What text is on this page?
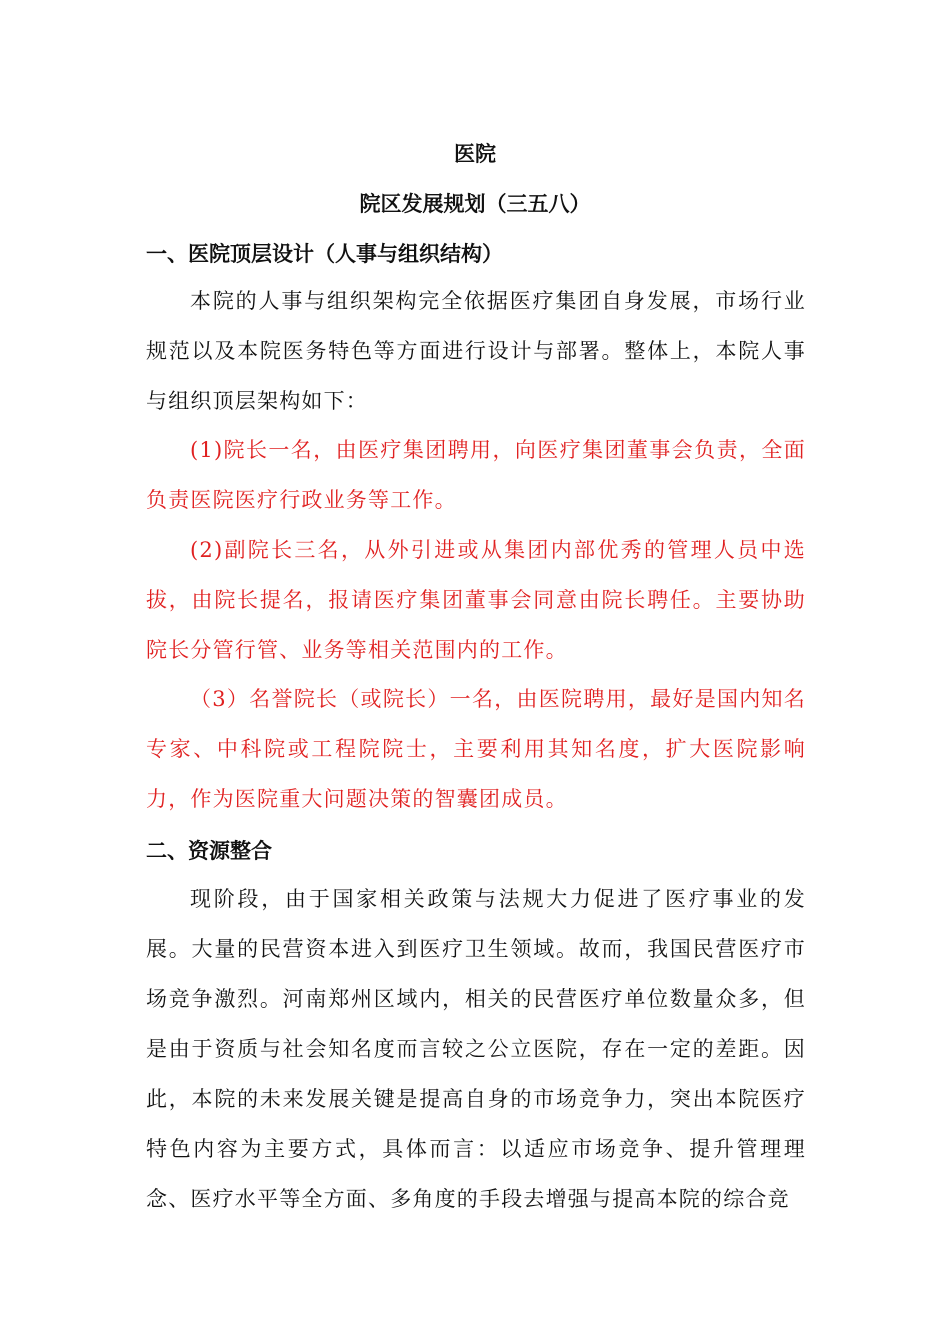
医院
院区发展规划（三五八）
一、医院顶层设计（人事与组织结构）
本院的人事与组织架构完全依据医疗集团自身发展，市场行业规范以及本院医务特色等方面进行设计与部署。整体上，本院人事与组织顶层架构如下：
(1)院长一名，由医疗集团聘用，向医疗集团董事会负责，全面负责医院医疗行政业务等工作。
(2)副院长三名，从外引进或从集团内部优秀的管理人员中选拔，由院长提名，报请医疗集团董事会同意由院长聘任。主要协助院长分管行管、业务等相关范围内的工作。
（3）名誉院长（或院长）一名，由医院聘用，最好是国内知名专家、中科院或工程院院士，主要利用其知名度，扩大医院影响力，作为医院重大问题决策的智囊团成员。
二、资源整合
现阶段，由于国家相关政策与法规大力促进了医疗事业的发展。大量的民营资本进入到医疗卫生领域。故而，我国民营医疗市场竞争激烈。河南郑州区域内，相关的民营医疗单位数量众多，但是由于资质与社会知名度而言较之公立医院，存在一定的差距。因此，本院的未来发展关键是提高自身的市场竞争力，突出本院医疗特色内容为主要方式，具体而言：以适应市场竞争、提升管理理念、医疗水平等全方面、多角度的手段去增强与提高本院的综合竞
